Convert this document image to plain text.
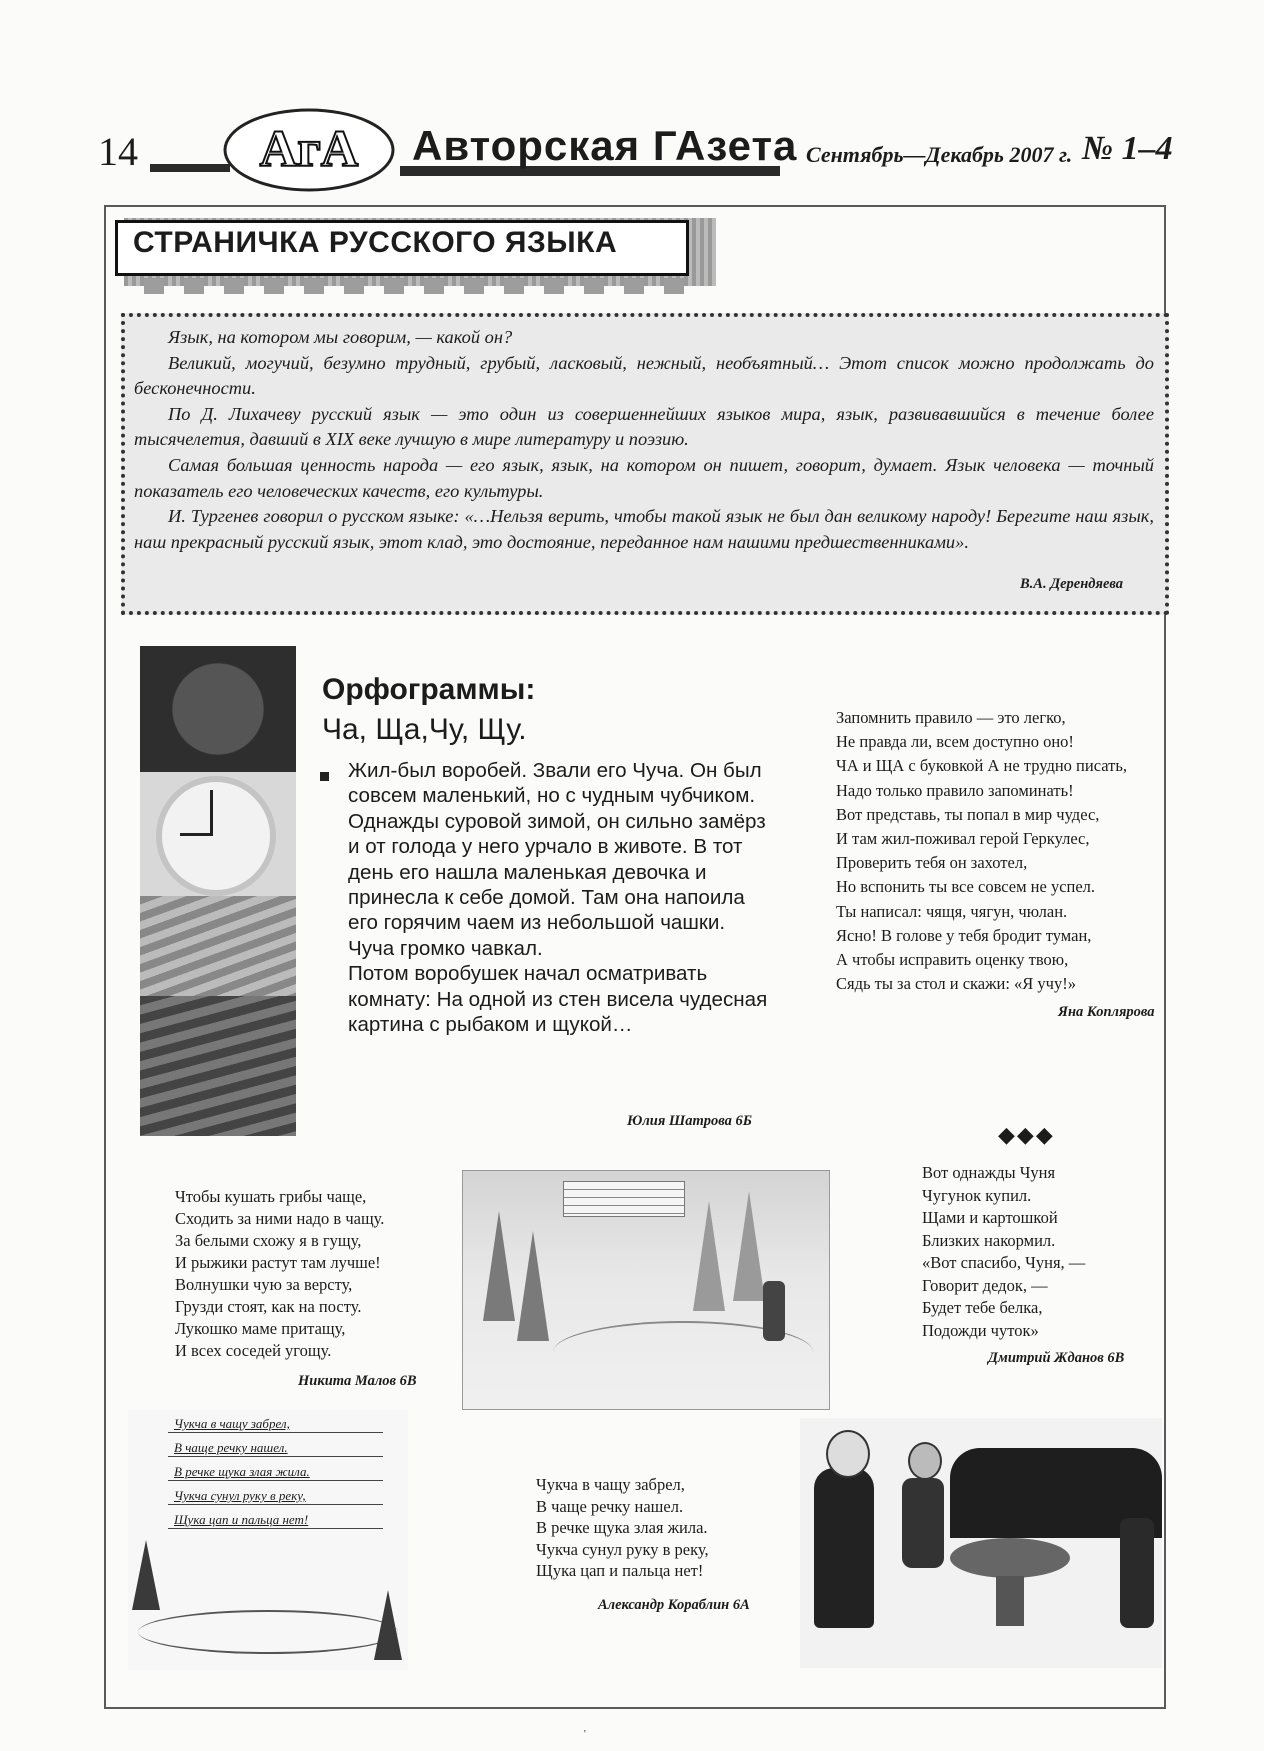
14 АгА Авторская ГАзета Сентябрь—Декабрь 2007 г. № 1–4
СТРАНИЧКА РУССКОГО ЯЗЫКА

Язык, на котором мы говорим, — какой он?

Великий, могучий, безумно трудный, грубый, ласковый, нежный, необъятный… Этот список можно продолжать до бесконечности.

По Д. Лихачеву русский язык — это один из совершеннейших языков мира, язык, развивавшийся в течение более тысячелетия, давший в XIX веке лучшую в мире литературу и поэзию.

Самая большая ценность народа — его язык, язык, на котором он пишет, говорит, думает. Язык человека — точный показатель его человеческих качеств, его культуры.

И. Тургенев говорил о русском языке: «…Нельзя верить, чтобы такой язык не был дан великому народу! Берегите наш язык, наш прекрасный русский язык, этот клад, это достояние, переданное нам нашими предшественниками».

В.А. Дерендяева
Орфограммы:
Ча, Ща,Чу, Щу.

Жил-был воробей. Звали его Чуча. Он был совсем маленький, но с чудным чубчиком. Однажды суровой зимой, он сильно замёрз и от голода у него урчало в животе. В тот день его нашла маленькая девочка и принесла к себе домой. Там она напоила его горячим чаем из небольшой чашки. Чуча громко чавкал.

Потом воробушек начал осматривать комнату: На одной из стен висела чудесная картина с рыбаком и щукой…

Юлия Шатрова 6Б
Запомнить правило — это легко,
Не правда ли, всем доступно оно!
ЧА и ЩА с буковкой А не трудно писать,
Надо только правило запоминать!
Вот представь, ты попал в мир чудес,
И там жил-поживал герой Геркулес,
Проверить тебя он захотел,
Но вспонить ты все совсем не успел.
Ты написал: чящя, чягун, чюлан.
Ясно! В голове у тебя бродит туман,
А чтобы исправить оценку твою,
Сядь ты за стол и скажи: «Я учу!»
Яна Коплярова
◆◆◆
Вот однажды Чуня
Чугунок купил.
Щами и картошкой
Близких накормил.
«Вот спасибо, Чуня, —
Говорит дедок, —
Будет тебе белка,
Подожди чуток»
Дмитрий Жданов 6В
Чтобы кушать грибы чаще,
Сходить за ними надо в чащу.
За белыми схожу я в гущу,
И рыжики растут там лучше!
Волнушки чую за версту,
Грузди стоят, как на посту.
Лукошко маме притащу,
И всех соседей угощу.
Никита Малов 6В
Чукча в чащу забрел,
В чаще речку нашел.
В речке щука злая жила.
Чукча сунул руку в реку,
Щука цап и пальца нет!
Чукча в чащу забрел,
В чаще речку нашел.
В речке щука злая жила.
Чукча сунул руку в реку,
Щука цап и пальца нет!
Александр Кораблин 6А
'
